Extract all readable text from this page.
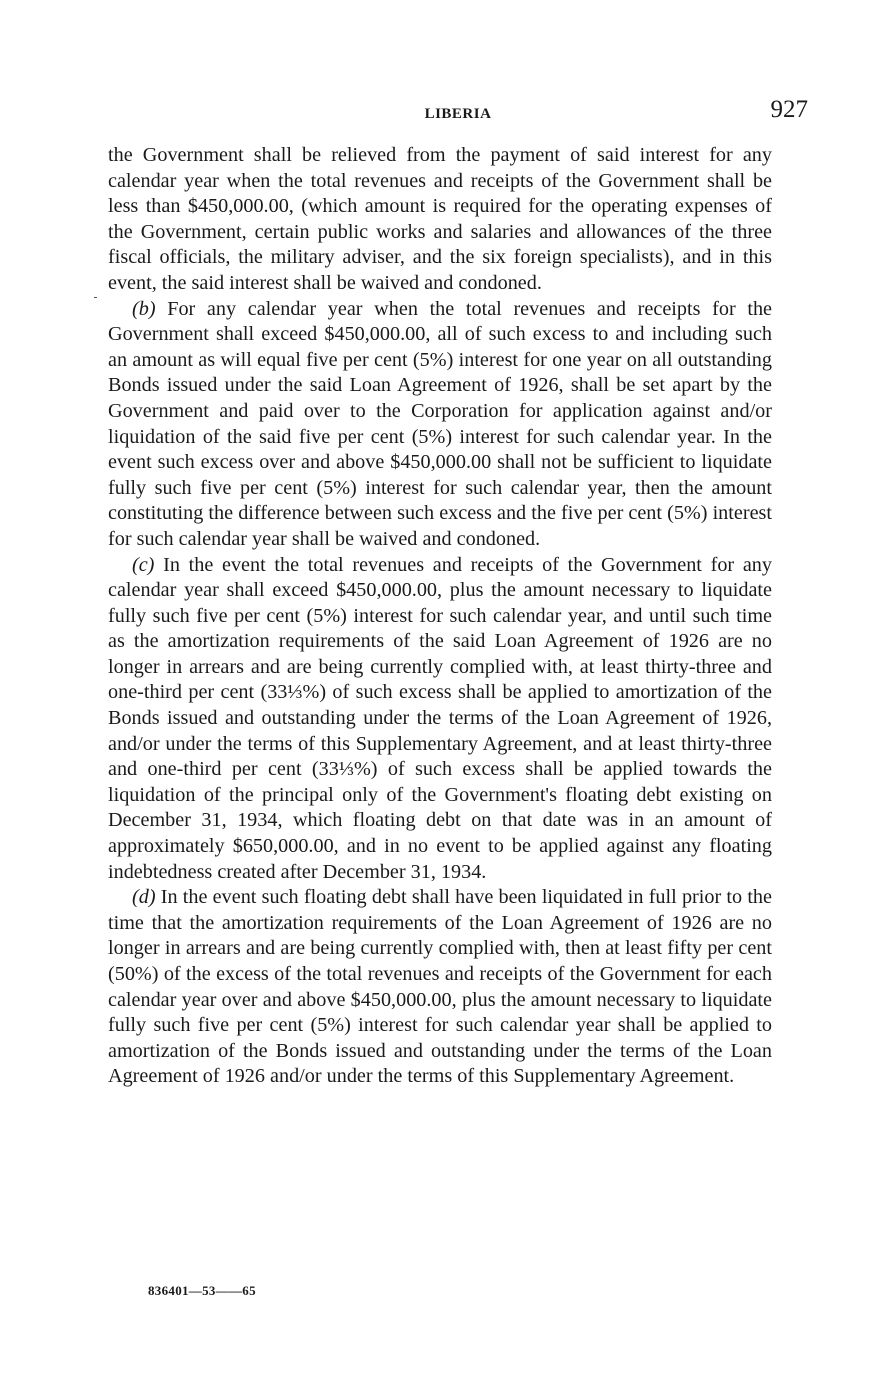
LIBERIA	927

the Government shall be relieved from the payment of said interest for any calendar year when the total revenues and receipts of the Government shall be less than $450,000.00, (which amount is required for the operating expenses of the Government, certain public works and salaries and allowances of the three fiscal officials, the military adviser, and the six foreign specialists), and in this event, the said interest shall be waived and condoned.

(b) For any calendar year when the total revenues and receipts for the Government shall exceed $450,000.00, all of such excess to and including such an amount as will equal five per cent (5%) interest for one year on all outstanding Bonds issued under the said Loan Agreement of 1926, shall be set apart by the Government and paid over to the Corporation for application against and/or liquidation of the said five per cent (5%) interest for such calendar year. In the event such excess over and above $450,000.00 shall not be sufficient to liquidate fully such five per cent (5%) interest for such calendar year, then the amount constituting the difference between such excess and the five per cent (5%) interest for such calendar year shall be waived and condoned.

(c) In the event the total revenues and receipts of the Government for any calendar year shall exceed $450,000.00, plus the amount necessary to liquidate fully such five per cent (5%) interest for such calendar year, and until such time as the amortization requirements of the said Loan Agreement of 1926 are no longer in arrears and are being currently complied with, at least thirty-three and one-third per cent (33⅓%) of such excess shall be applied to amortization of the Bonds issued and outstanding under the terms of the Loan Agreement of 1926, and/or under the terms of this Supplementary Agreement, and at least thirty-three and one-third per cent (33⅓%) of such excess shall be applied towards the liquidation of the principal only of the Government's floating debt existing on December 31, 1934, which floating debt on that date was in an amount of approximately $650,000.00, and in no event to be applied against any floating indebtedness created after December 31, 1934.

(d) In the event such floating debt shall have been liquidated in full prior to the time that the amortization requirements of the Loan Agreement of 1926 are no longer in arrears and are being currently complied with, then at least fifty per cent (50%) of the excess of the total revenues and receipts of the Government for each calendar year over and above $450,000.00, plus the amount necessary to liquidate fully such five per cent (5%) interest for such calendar year shall be applied to amortization of the Bonds issued and outstanding under the terms of the Loan Agreement of 1926 and/or under the terms of this Supplementary Agreement.

836401—53——65
